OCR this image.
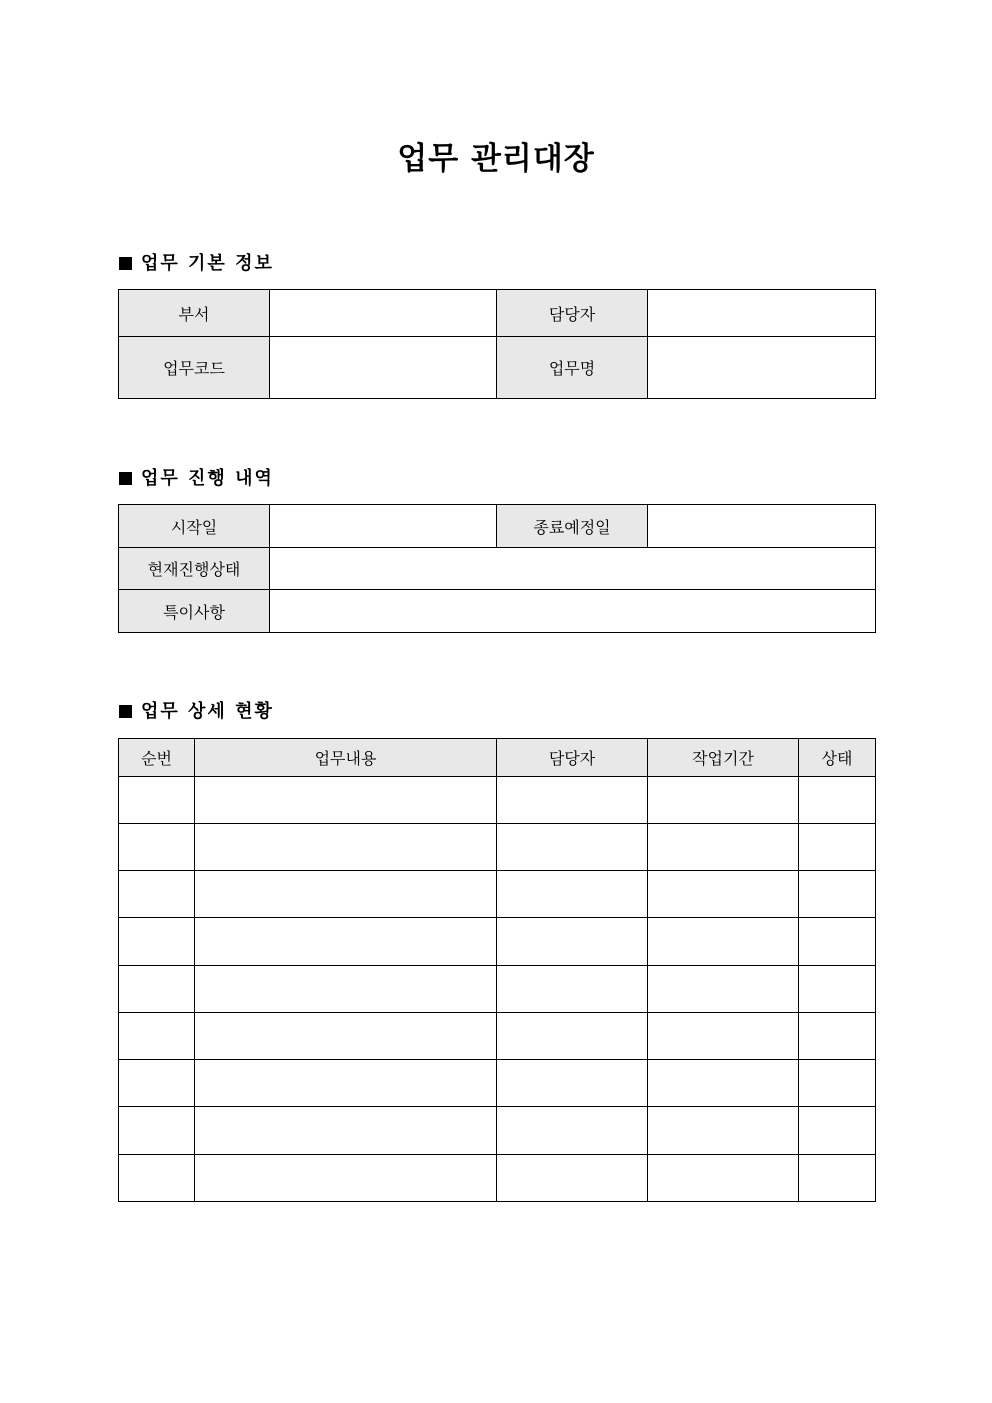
업무 관리대장
업무 기본 정보
부서		담당자	
업무코드		업무명	
업무 진행 내역
시작일		종료예정일	
현재진행상태			
특이사항			
업무 상세 현황
순번	업무내용	담당자	작업기간	상태
